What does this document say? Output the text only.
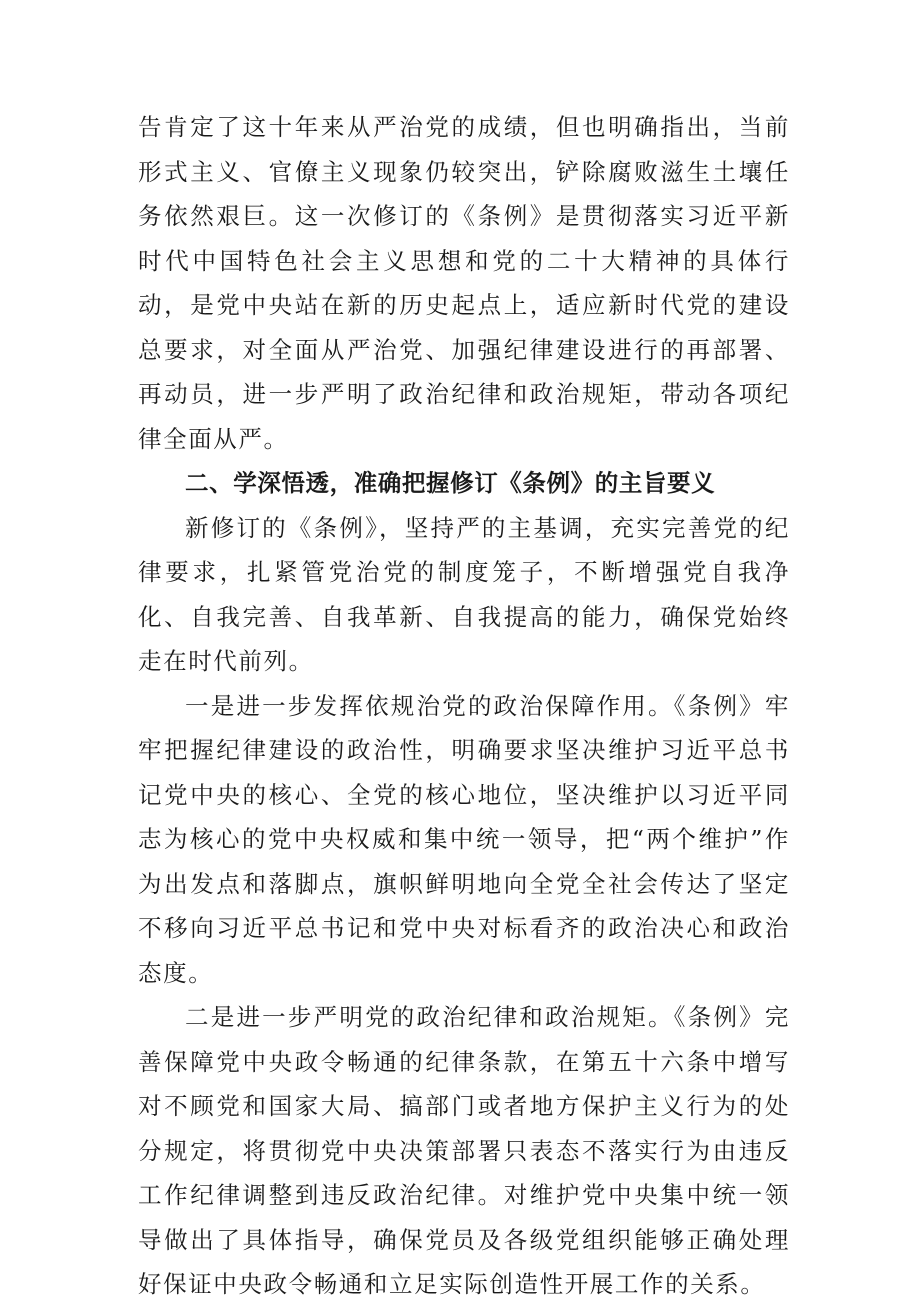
告肯定了这十年来从严治党的成绩，但也明确指出，当前形式主义、官僚主义现象仍较突出，铲除腐败滋生土壤任务依然艰巨。这一次修订的《条例》是贯彻落实习近平新时代中国特色社会主义思想和党的二十大精神的具体行动，是党中央站在新的历史起点上，适应新时代党的建设总要求，对全面从严治党、加强纪律建设进行的再部署、再动员，进一步严明了政治纪律和政治规矩，带动各项纪律全面从严。

二、学深悟透，准确把握修订《条例》的主旨要义

新修订的《条例》，坚持严的主基调，充实完善党的纪律要求，扎紧管党治党的制度笼子，不断增强党自我净化、自我完善、自我革新、自我提高的能力，确保党始终走在时代前列。

一是进一步发挥依规治党的政治保障作用。《条例》牢牢把握纪律建设的政治性，明确要求坚决维护习近平总书记党中央的核心、全党的核心地位，坚决维护以习近平同志为核心的党中央权威和集中统一领导，把“两个维护”作为出发点和落脚点，旗帜鲜明地向全党全社会传达了坚定不移向习近平总书记和党中央对标看齐的政治决心和政治态度。

二是进一步严明党的政治纪律和政治规矩。《条例》完善保障党中央政令畅通的纪律条款，在第五十六条中增写对不顾党和国家大局、搞部门或者地方保护主义行为的处分规定，将贯彻党中央决策部署只表态不落实行为由违反工作纪律调整到违反政治纪律。对维护党中央集中统一领导做出了具体指导，确保党员及各级党组织能够正确处理好保证中央政令畅通和立足实际创造性开展工作的关系。
